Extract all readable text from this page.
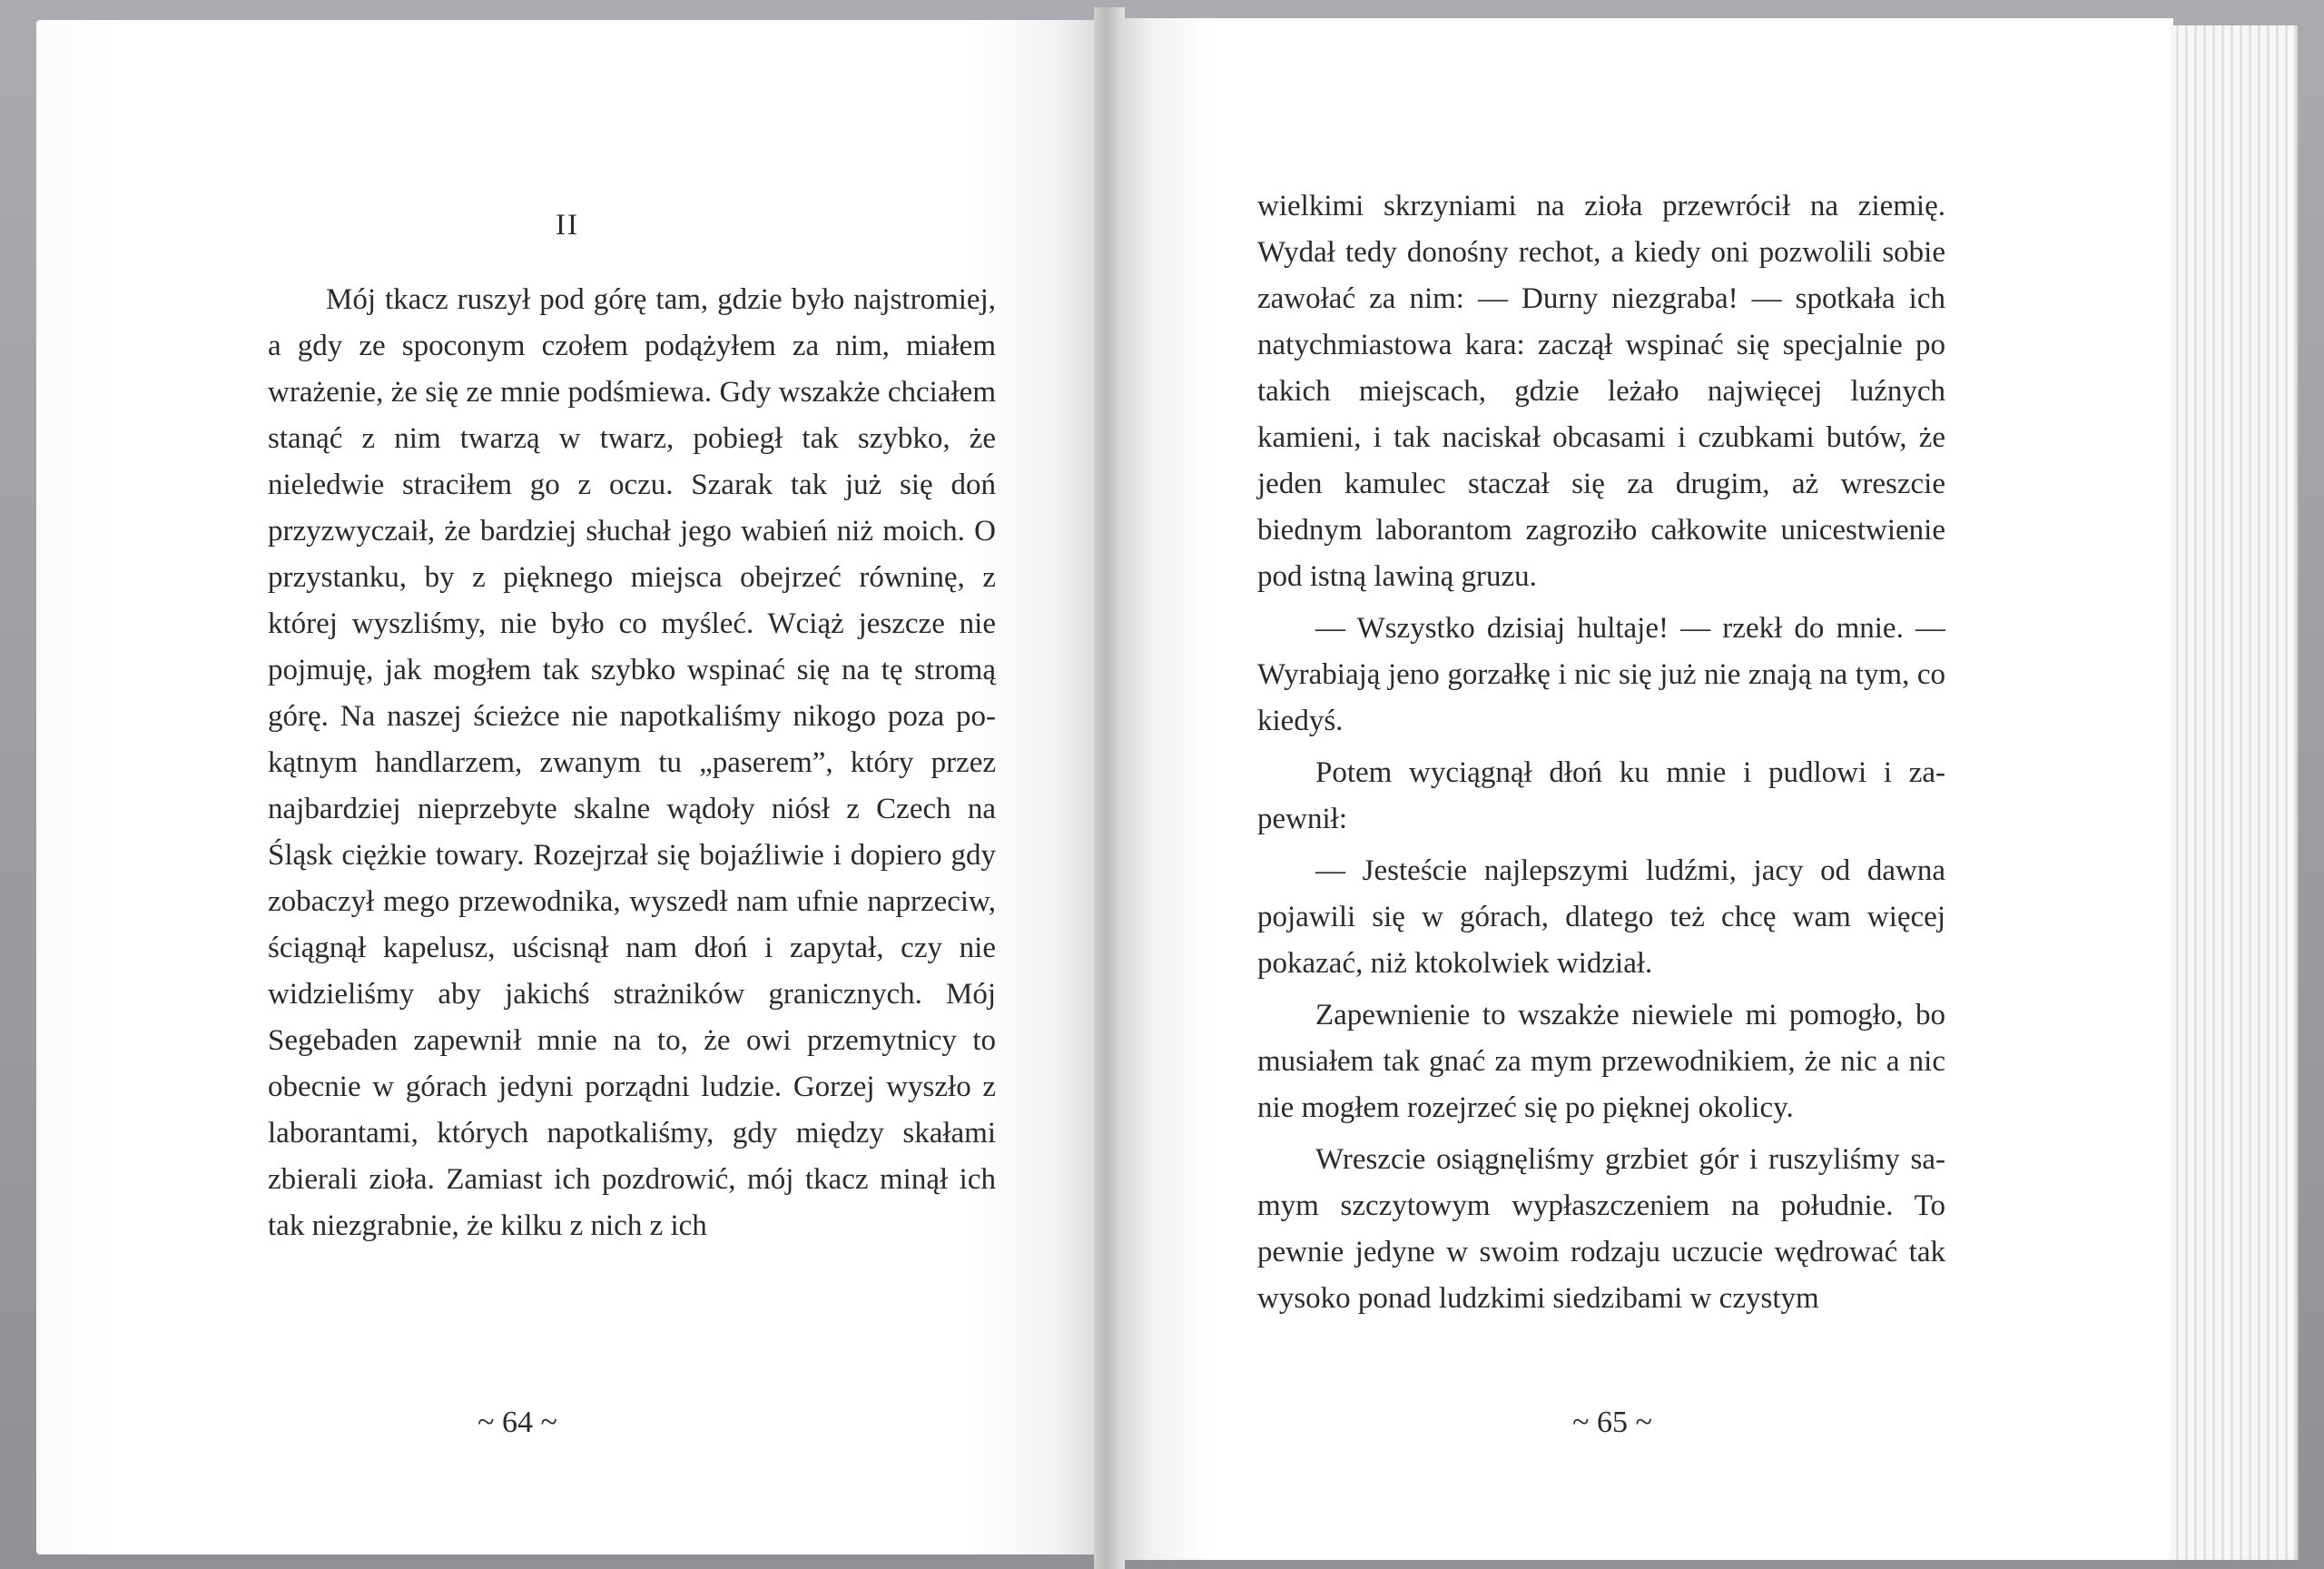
II

Mój tkacz ruszył pod górę tam, gdzie było najstromiej, a gdy ze spoconym czołem podążyłem za nim, miałem wrażenie, że się ze mnie podśmiewa. Gdy wszakże chciałem stanąć z nim twarzą w twarz, pobiegł tak szybko, że nieledwie straciłem go z oczu. Szarak tak już się doń przyzwyczaił, że bardziej słuchał jego wabień niż moich. O przystanku, by z pięknego miejsca obejrzeć równinę, z której wyszliśmy, nie było co myśleć. Wciąż jeszcze nie pojmuję, jak mogłem tak szybko wspinać się na tę stromą górę. Na naszej ścieżce nie napotkaliśmy nikogo poza pokątnym handlarzem, zwanym tu „paserem”, który przez najbardziej nieprzebyte skalne wądoły niósł z Czech na Śląsk ciężkie towary. Rozejrzał się bojaźliwie i dopiero gdy zobaczył mego przewodnika, wyszedł nam ufnie naprzeciw, ściągnął kapelusz, uścisnął nam dłoń i zapytał, czy nie widzieliśmy aby jakichś strażników granicznych. Mój Segebaden zapewnił mnie na to, że owi przemytnicy to obecnie w górach jedyni porządni ludzie. Gorzej wyszło z laborantami, których napotkaliśmy, gdy między skałami zbierali zioła. Zamiast ich pozdrowić, mój tkacz minął ich tak niezgrabnie, że kilku z nich z ich

wielkimi skrzyniami na zioła przewrócił na ziemię. Wydał tedy donośny rechot, a kiedy oni pozwolili sobie zawołać za nim: — Durny niezgraba! — spotkała ich natychmiastowa kara: zaczął wspinać się specjalnie po takich miejscach, gdzie leżało najwięcej luźnych kamieni, i tak naciskał obcasami i czubkami butów, że jeden kamulec staczał się za drugim, aż wreszcie biednym laborantom zagroziło całkowite unicestwienie pod istną lawiną gruzu.

— Wszystko dzisiaj hultaje! — rzekł do mnie. — Wyrabiają jeno gorzałkę i nic się już nie znają na tym, co kiedyś.

Potem wyciągnął dłoń ku mnie i pudlowi i zapewnił:

— Jesteście najlepszymi ludźmi, jacy od dawna pojawili się w górach, dlatego też chcę wam więcej pokazać, niż ktokolwiek widział.

Zapewnienie to wszakże niewiele mi pomogło, bo musiałem tak gnać za mym przewodnikiem, że nic a nic nie mogłem rozejrzeć się po pięknej okolicy.

Wreszcie osiągnęliśmy grzbiet gór i ruszyliśmy samym szczytowym wypłaszczeniem na południe. To pewnie jedyne w swoim rodzaju uczucie wędrować tak wysoko ponad ludzkimi siedzibami w czystym

~ 64 ~	~ 65 ~
